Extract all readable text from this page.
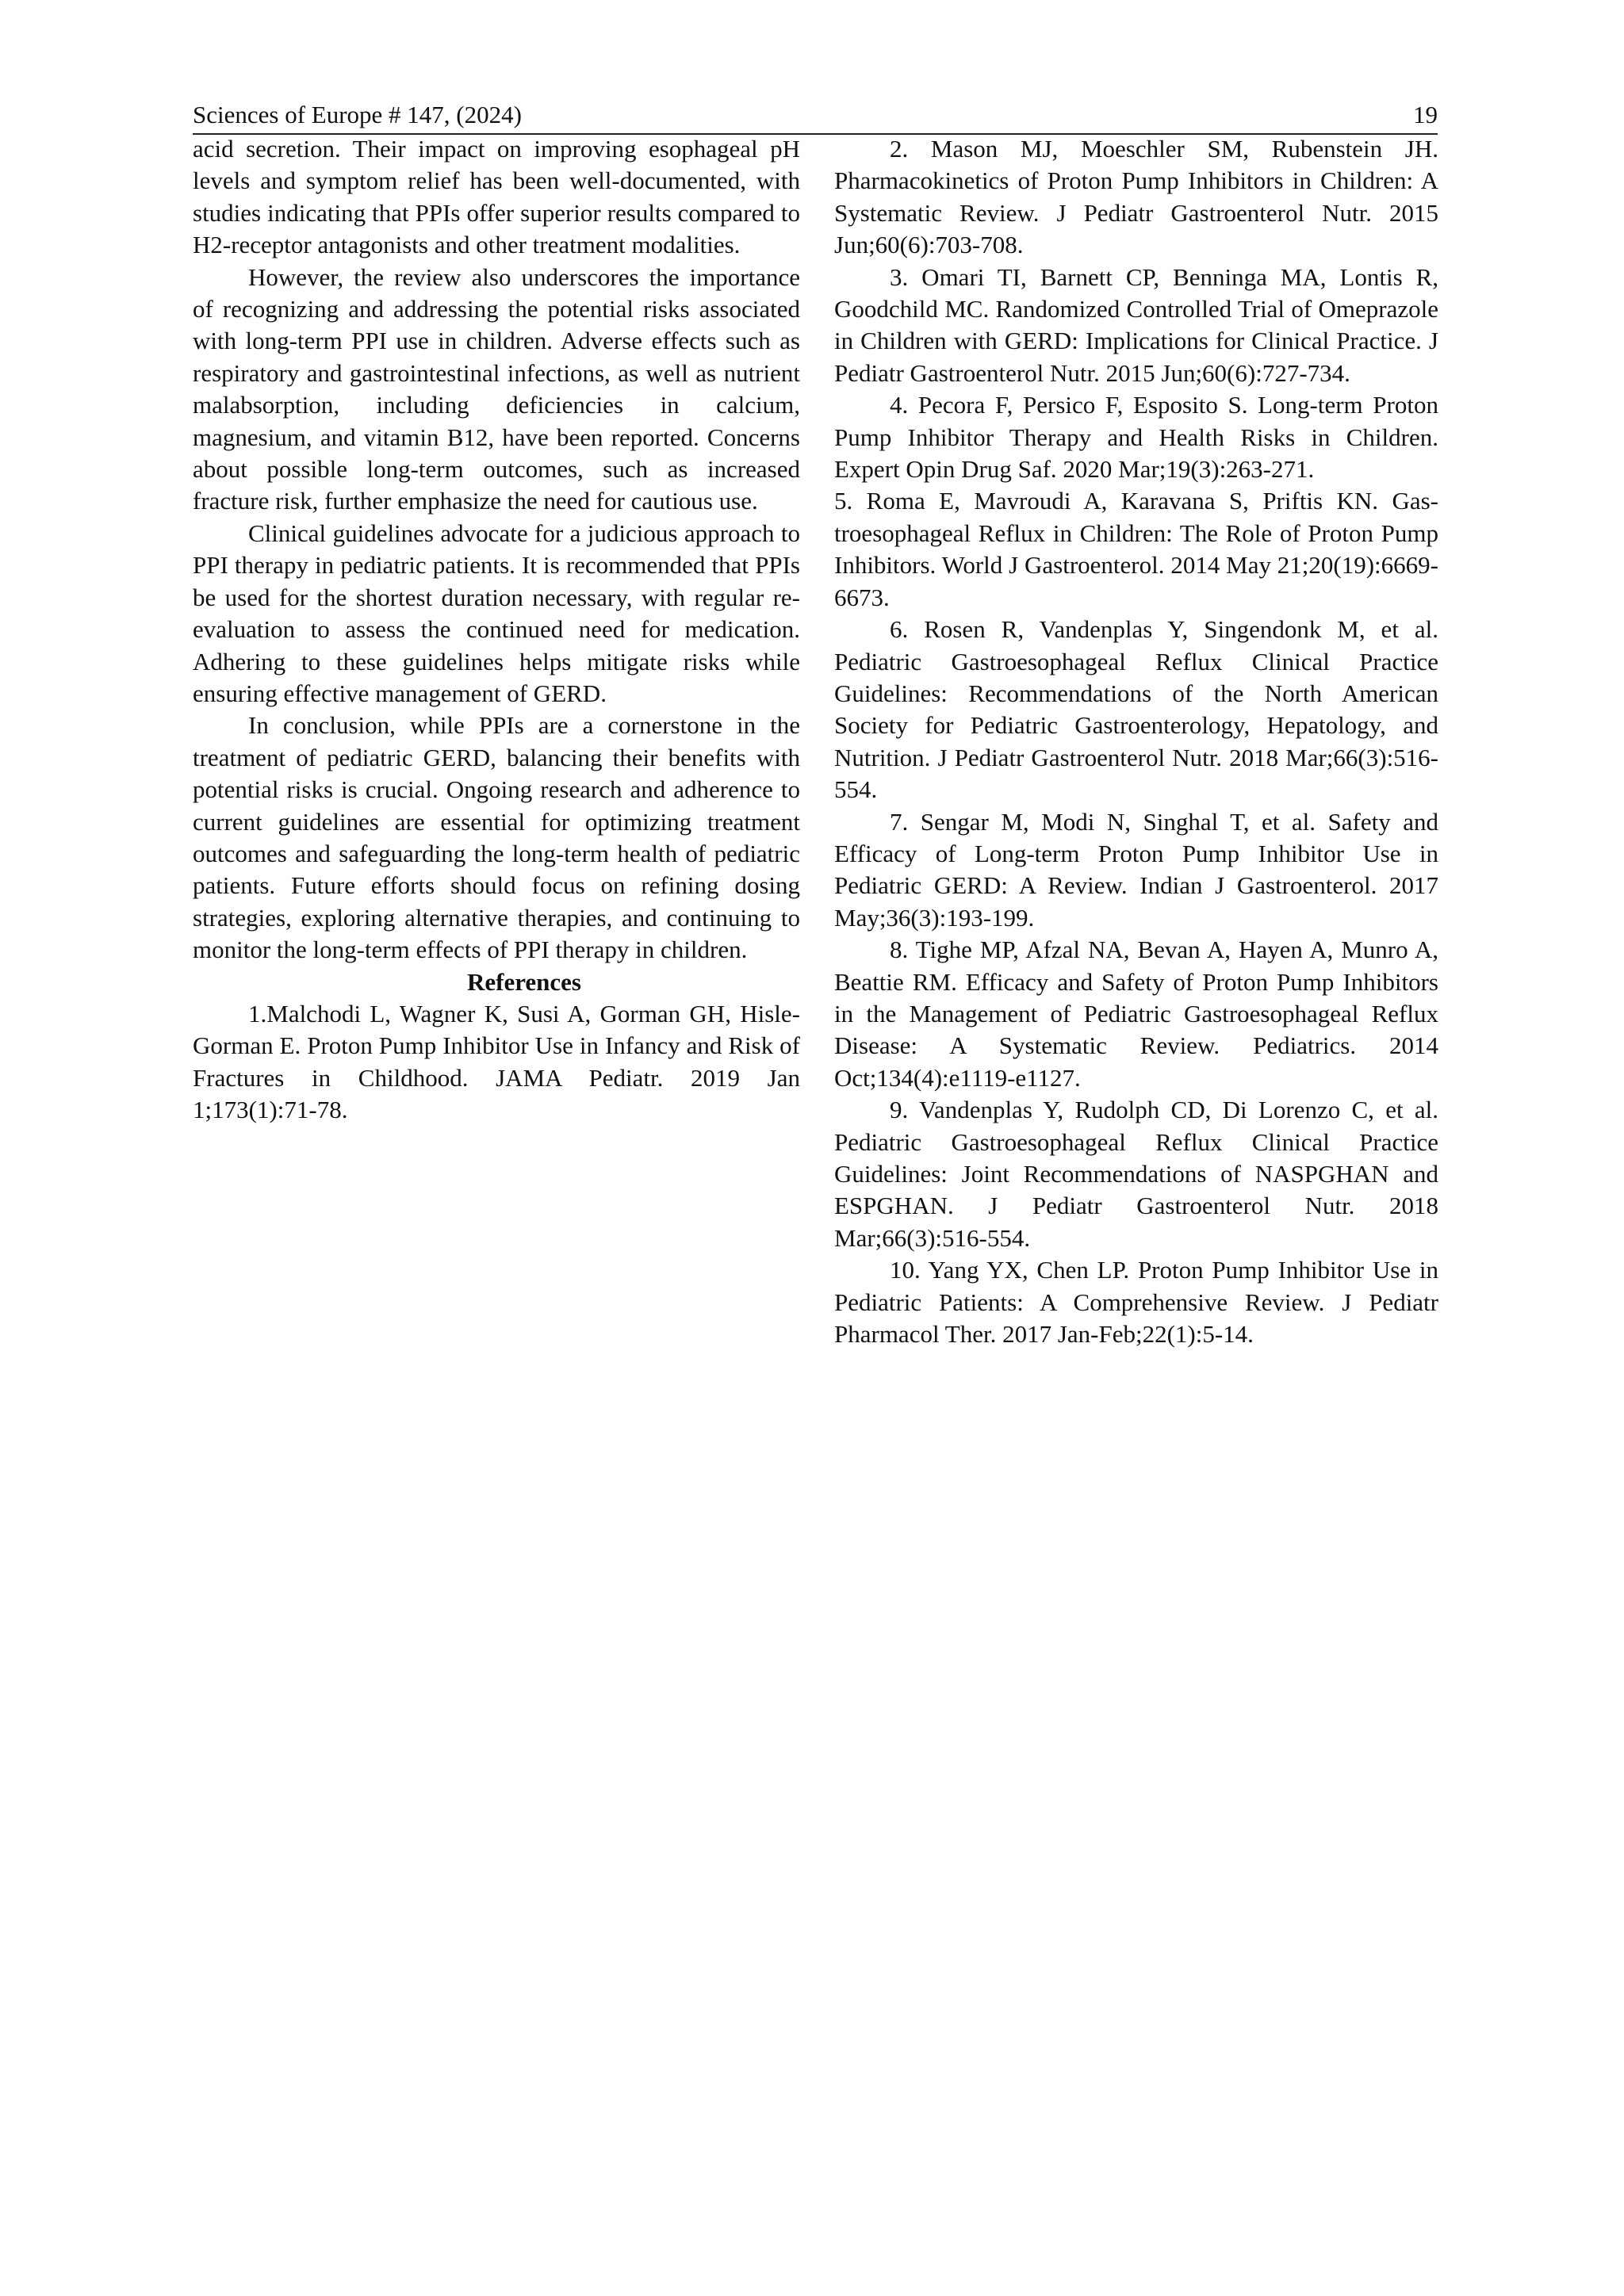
Sciences of Europe # 147, (2024)	19

acid secretion. Their impact on improving esophageal pH levels and symptom relief has been well-documented, with studies indicating that PPIs offer superior results compared to H2-receptor antagonists and other treatment modalities.

However, the review also underscores the importance of recognizing and addressing the potential risks associated with long-term PPI use in children. Adverse effects such as respiratory and gastrointestinal infections, as well as nutrient malabsorption, including deficiencies in calcium, magnesium, and vitamin B12, have been reported. Concerns about possible long-term outcomes, such as increased fracture risk, further emphasize the need for cautious use.

Clinical guidelines advocate for a judicious approach to PPI therapy in pediatric patients. It is recommended that PPIs be used for the shortest duration necessary, with regular re-evaluation to assess the continued need for medication. Adhering to these guidelines helps mitigate risks while ensuring effective management of GERD.

In conclusion, while PPIs are a cornerstone in the treatment of pediatric GERD, balancing their benefits with potential risks is crucial. Ongoing research and adherence to current guidelines are essential for optimizing treatment outcomes and safeguarding the long-term health of pediatric patients. Future efforts should focus on refining dosing strategies, exploring alternative therapies, and continuing to monitor the long-term effects of PPI therapy in children.

References

1.Malchodi L, Wagner K, Susi A, Gorman GH, Hisle-Gorman E. Proton Pump Inhibitor Use in Infancy and Risk of Fractures in Childhood. JAMA Pediatr. 2019 Jan 1;173(1):71-78.

2. Mason MJ, Moeschler SM, Rubenstein JH. Pharmacokinetics of Proton Pump Inhibitors in Children: A Systematic Review. J Pediatr Gastroenterol Nutr. 2015 Jun;60(6):703-708.

3. Omari TI, Barnett CP, Benninga MA, Lontis R, Goodchild MC. Randomized Controlled Trial of Omeprazole in Children with GERD: Implications for Clinical Practice. J Pediatr Gastroenterol Nutr. 2015 Jun;60(6):727-734.

4. Pecora F, Persico F, Esposito S. Long-term Proton Pump Inhibitor Therapy and Health Risks in Children. Expert Opin Drug Saf. 2020 Mar;19(3):263-271.

5. Roma E, Mavroudi A, Karavana S, Priftis KN. Gastroesophageal Reflux in Children: The Role of Proton Pump Inhibitors. World J Gastroenterol. 2014 May 21;20(19):6669-6673.

6. Rosen R, Vandenplas Y, Singendonk M, et al. Pediatric Gastroesophageal Reflux Clinical Practice Guidelines: Recommendations of the North American Society for Pediatric Gastroenterology, Hepatology, and Nutrition. J Pediatr Gastroenterol Nutr. 2018 Mar;66(3):516-554.

7. Sengar M, Modi N, Singhal T, et al. Safety and Efficacy of Long-term Proton Pump Inhibitor Use in Pediatric GERD: A Review. Indian J Gastroenterol. 2017 May;36(3):193-199.

8. Tighe MP, Afzal NA, Bevan A, Hayen A, Munro A, Beattie RM. Efficacy and Safety of Proton Pump Inhibitors in the Management of Pediatric Gastroesophageal Reflux Disease: A Systematic Review. Pediatrics. 2014 Oct;134(4):e1119-e1127.

9. Vandenplas Y, Rudolph CD, Di Lorenzo C, et al. Pediatric Gastroesophageal Reflux Clinical Practice Guidelines: Joint Recommendations of NASPGHAN and ESPGHAN. J Pediatr Gastroenterol Nutr. 2018 Mar;66(3):516-554.

10. Yang YX, Chen LP. Proton Pump Inhibitor Use in Pediatric Patients: A Comprehensive Review. J Pediatr Pharmacol Ther. 2017 Jan-Feb;22(1):5-14.
